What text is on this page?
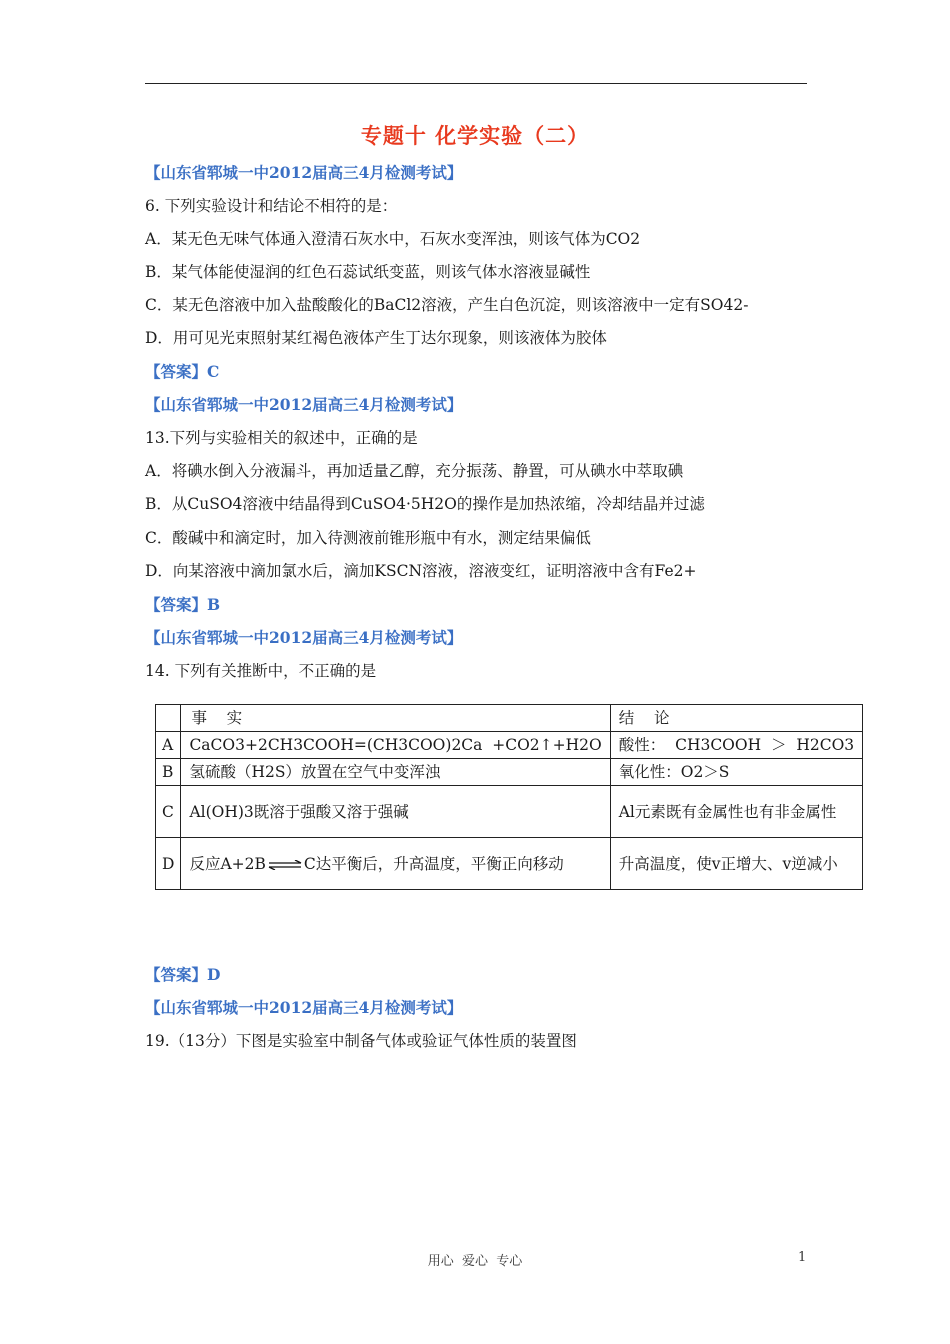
专题十 化学实验（二）
【山东省郓城一中2012届高三4月检测考试】
6. 下列实验设计和结论不相符的是：
A．某无色无味气体通入澄清石灰水中，石灰水变浑浊，则该气体为CO2
B．某气体能使湿润的红色石蕊试纸变蓝，则该气体水溶液显碱性
C．某无色溶液中加入盐酸酸化的BaCl2溶液，产生白色沉淀，则该溶液中一定有SO42-
D．用可见光束照射某红褐色液体产生丁达尔现象，则该液体为胶体
【答案】C
【山东省郓城一中2012届高三4月检测考试】
13.下列与实验相关的叙述中，正确的是
A．将碘水倒入分液漏斗，再加适量乙醇，充分振荡、静置，可从碘水中萃取碘
B．从CuSO4溶液中结晶得到CuSO4·5H2O的操作是加热浓缩，冷却结晶并过滤
C．酸碱中和滴定时，加入待测液前锥形瓶中有水，测定结果偏低
D．向某溶液中滴加氯水后，滴加KSCN溶液，溶液变红，证明溶液中含有Fe2+
【答案】B
【山东省郓城一中2012届高三4月检测考试】
14. 下列有关推断中，不正确的是
	事    实	结    论
A	CaCO3+2CH3COOH=(CH3COO)2Ca  +CO2↑+H2O	酸性：  CH3COOH  ＞  H2CO3
B	氢硫酸（H2S）放置在空气中变浑浊	氧化性：O2＞S
C	Al(OH)3既溶于强酸又溶于强碱	Al元素既有金属性也有非金属性
D	反应A+2B ⇌ C达平衡后，升高温度，平衡正向移动	升高温度，使v正增大、v逆减小
【答案】D
【山东省郓城一中2012届高三4月检测考试】
19.（13分）下图是实验室中制备气体或验证气体性质的装置图
用心  爱心  专心	1
